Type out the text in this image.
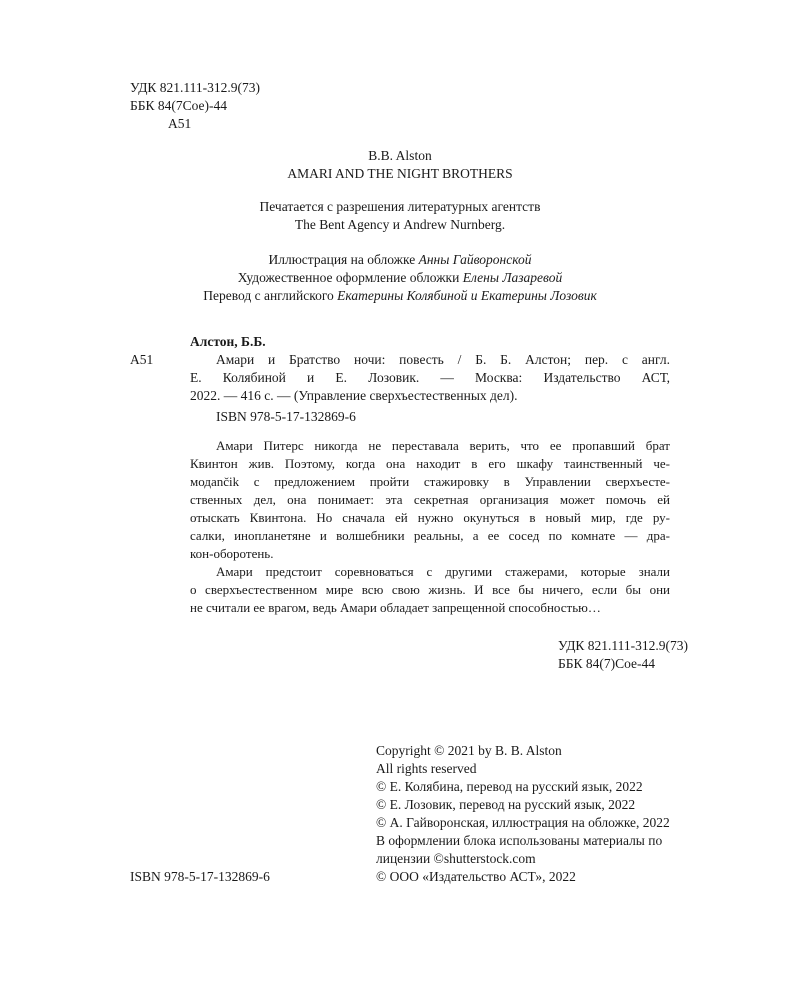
УДК 821.111-312.9(73)
ББК 84(7Сое)-44
А51
B.B. Alston
AMARI AND THE NIGHT BROTHERS
Печатается с разрешения литературных агентств
The Bent Agency и Andrew Nurnberg.
Иллюстрация на обложке Анны Гайворонской
Художественное оформление обложки Елены Лазаревой
Перевод с английского Екатерины Колябиной и Екатерины Лозовик
Алстон, Б.Б.
А51	Амари и Братство ночи: повесть / Б. Б. Алстон; пер. с англ.
Е. Колябиной и Е. Лозовик. — Москва: Издательство АСТ,
2022. — 416 с. — (Управление сверхъестественных дел).
ISBN 978-5-17-132869-6
Амари Питерс никогда не переставала верить, что ее пропавший брат
Квинтон жив. Поэтому, когда она находит в его шкафу таинственный че-
модančik с предложением пройти стажировку в Управлении сверхъесте-
ственных дел, она понимает: эта секретная организация может помочь ей
отыскать Квинтона. Но сначала ей нужно окунуться в новый мир, где ру-
салки, инопланетяне и волшебники реальны, а ее сосед по комнате — дра-
кон-оборотень.
Амари предстоит соревноваться с другими стажерами, которые знали
о сверхъестественном мире всю свою жизнь. И все бы ничего, если бы они
не считали ее врагом, ведь Амари обладает запрещенной способностью…
УДК 821.111-312.9(73)
ББК 84(7)Сое-44
Copyright © 2021 by B. B. Alston
All rights reserved
© Е. Колябина, перевод на русский язык, 2022
© Е. Лозовик, перевод на русский язык, 2022
© А. Гайворонская, иллюстрация на обложке, 2022
В оформлении блока использованы материалы по
лицензии ©shutterstock.com
© ООО «Издательство АСТ», 2022
ISBN 978-5-17-132869-6
